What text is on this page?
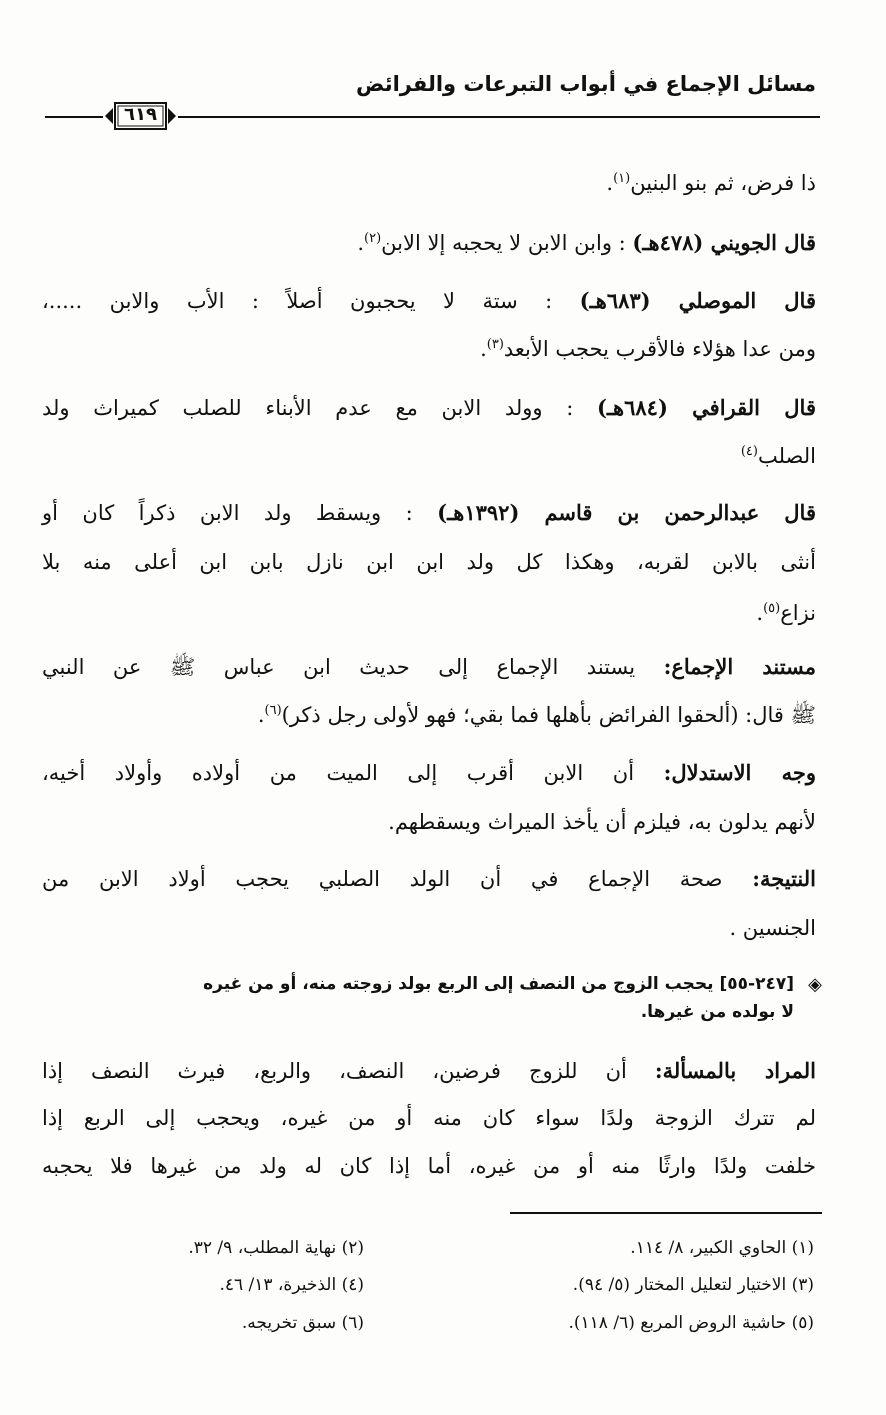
مسائل الإجماع في أبواب التبرعات والفرائض
٦١٩
ذا فرض، ثم بنو البنين$^{(١)}$.
قال الجويني (٤٧٨هـ) : وابن الابن لا يحجبه إلا الابن$^{(٢)}$.
قال الموصلي (٦٨٣هـ) : ستة لا يحجبون أصلاً : الأب والابن .....،
ومن عدا هؤلاء فالأقرب يحجب الأبعد$^{(٣)}$.
قال القرافي (٦٨٤هـ) : وولد الابن مع عدم الأبناء للصلب كميراث ولد
الصلب$^{(٤)}$
قال عبدالرحمن بن قاسم (١٣٩٢هـ) : ويسقط ولد الابن ذكراً كان أو
أنثى بالابن لقربه، وهكذا كل ولد ابن ابن نازل بابن ابن أعلى منه بلا
نزاع$^{(٥)}$.
مستند الإجماع: يستند الإجماع إلى حديث ابن عباس ﷺ عن النبي
ﷺ قال: (ألحقوا الفرائض بأهلها فما بقي؛ فهو لأولى رجل ذكر)$^{(٦)}$.
وجه الاستدلال: أن الابن أقرب إلى الميت من أولاده وأولاد أخيه،
لأنهم يدلون به، فيلزم أن يأخذ الميراث ويسقطهم.
النتيجة: صحة الإجماع في أن الولد الصلبي يحجب أولاد الابن من
الجنسين .
◈
[٢٤٧-٥٥] يحجب الزوج من النصف إلى الربع بولد زوجته منه، أو من غيره
لا بولده من غيرها.
المراد بالمسألة: أن للزوج فرضين، النصف، والربع، فيرث النصف إذا
لم تترك الزوجة ولدًا سواء كان منه أو من غيره، ويحجب إلى الربع إذا
خلفت ولدًا وارثًا منه أو من غيره، أما إذا كان له ولد من غيرها فلا يحجبه
(١) الحاوي الكبير، ٨/ ١١٤.
(٢) نهاية المطلب، ٩/ ٣٢.
(٣) الاختيار لتعليل المختار (٥/ ٩٤).
(٤) الذخيرة، ١٣/ ٤٦.
(٥) حاشية الروض المربع (٦/ ١١٨).
(٦) سبق تخريجه.
